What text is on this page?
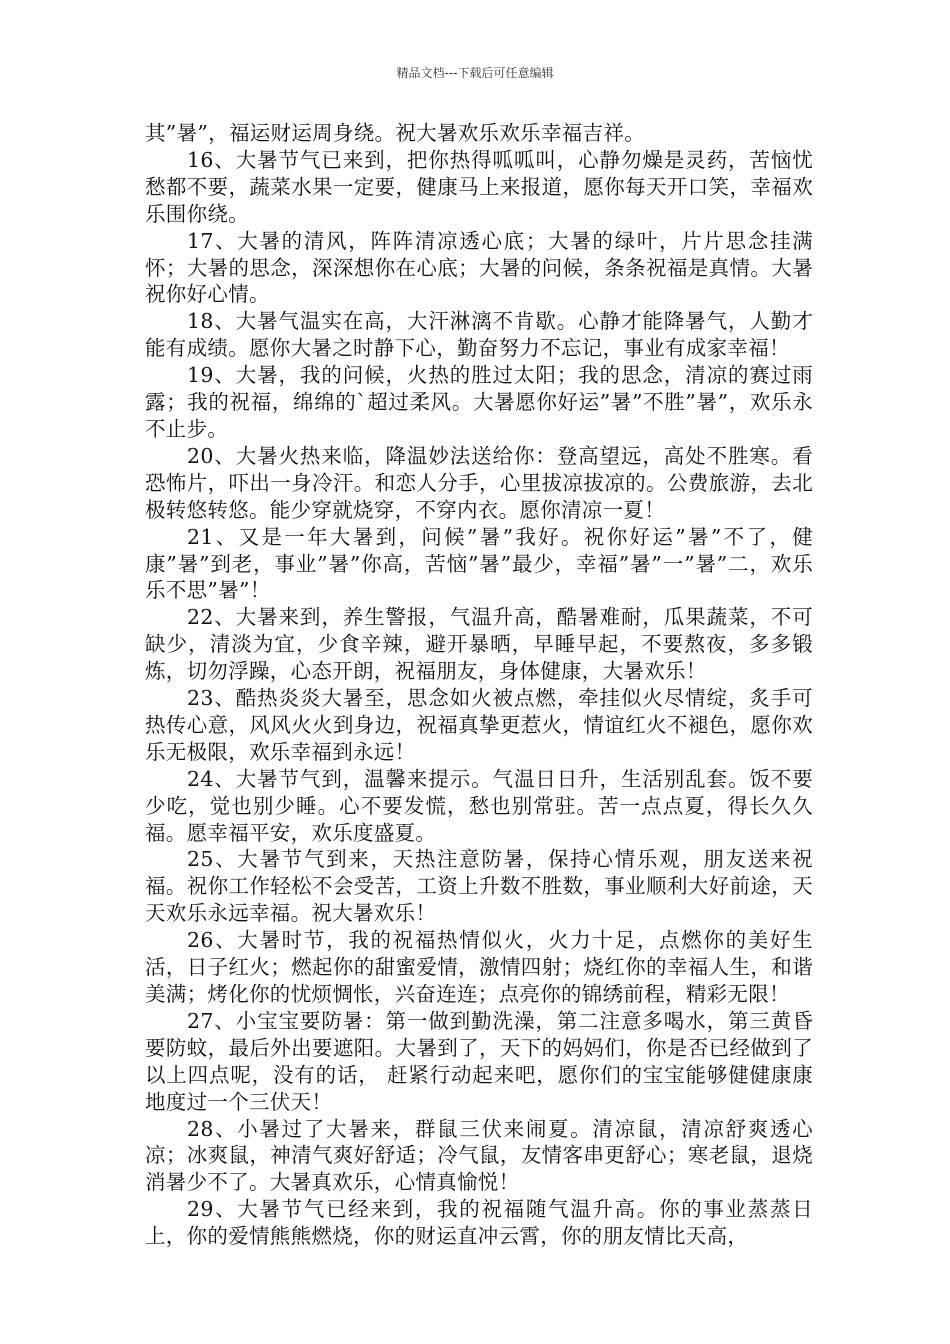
精品文档---下载后可任意编辑

其”暑”，福运财运周身绕。祝大暑欢乐欢乐幸福吉祥。

16、大暑节气已来到，把你热得呱呱叫，心静勿燥是灵药，苦恼忧愁都不要，蔬菜水果一定要，健康马上来报道，愿你每天开口笑，幸福欢乐围你绕。

17、大暑的清风，阵阵清凉透心底；大暑的绿叶，片片思念挂满怀；大暑的思念，深深想你在心底；大暑的问候，条条祝福是真情。大暑祝你好心情。

18、大暑气温实在高，大汗淋漓不肯歇。心静才能降暑气，人勤才能有成绩。愿你大暑之时静下心，勤奋努力不忘记，事业有成家幸福！

19、大暑，我的问候，火热的胜过太阳；我的思念，清凉的赛过雨露；我的祝福，绵绵的`超过柔风。大暑愿你好运”暑”不胜”暑”，欢乐永不止步。

20、大暑火热来临，降温妙法送给你：登高望远，高处不胜寒。看恐怖片，吓出一身冷汗。和恋人分手，心里拔凉拔凉的。公费旅游，去北极转悠转悠。能少穿就烧穿，不穿内衣。愿你清凉一夏！

21、又是一年大暑到，问候”暑”我好。祝你好运”暑”不了，健康”暑”到老，事业”暑”你高，苦恼”暑”最少，幸福”暑”一”暑”二，欢乐乐不思”暑”！

22、大暑来到，养生警报，气温升高，酷暑难耐，瓜果蔬菜，不可缺少，清淡为宜，少食辛辣，避开暴晒，早睡早起，不要熬夜，多多锻炼，切勿浮躁，心态开朗，祝福朋友，身体健康，大暑欢乐！

23、酷热炎炎大暑至，思念如火被点燃，牵挂似火尽情绽，炙手可热传心意，风风火火到身边，祝福真挚更惹火，情谊红火不褪色，愿你欢乐无极限，欢乐幸福到永远！

24、大暑节气到，温馨来提示。气温日日升，生活别乱套。饭不要少吃，觉也别少睡。心不要发慌，愁也别常驻。苦一点点夏，得长久久福。愿幸福平安，欢乐度盛夏。

25、大暑节气到来，天热注意防暑，保持心情乐观，朋友送来祝福。祝你工作轻松不会受苦，工资上升数不胜数，事业顺利大好前途，天天欢乐永远幸福。祝大暑欢乐！

26、大暑时节，我的祝福热情似火，火力十足，点燃你的美好生活，日子红火；燃起你的甜蜜爱情，激情四射；烧红你的幸福人生，和谐美满；烤化你的忧烦惆怅，兴奋连连；点亮你的锦绣前程，精彩无限！

27、小宝宝要防暑：第一做到勤洗澡，第二注意多喝水，第三黄昏要防蚊，最后外出要遮阳。大暑到了，天下的妈妈们，你是否已经做到了以上四点呢，没有的话， 赶紧行动起来吧，愿你们的宝宝能够健健康康地度过一个三伏天！

28、小暑过了大暑来，群鼠三伏来闹夏。清凉鼠，清凉舒爽透心凉；冰爽鼠，神清气爽好舒适；冷气鼠，友情客串更舒心；寒老鼠，退烧消暑少不了。大暑真欢乐，心情真愉悦！

29、大暑节气已经来到，我的祝福随气温升高。你的事业蒸蒸日上，你的爱情熊熊燃烧，你的财运直冲云霄，你的朋友情比天高，
